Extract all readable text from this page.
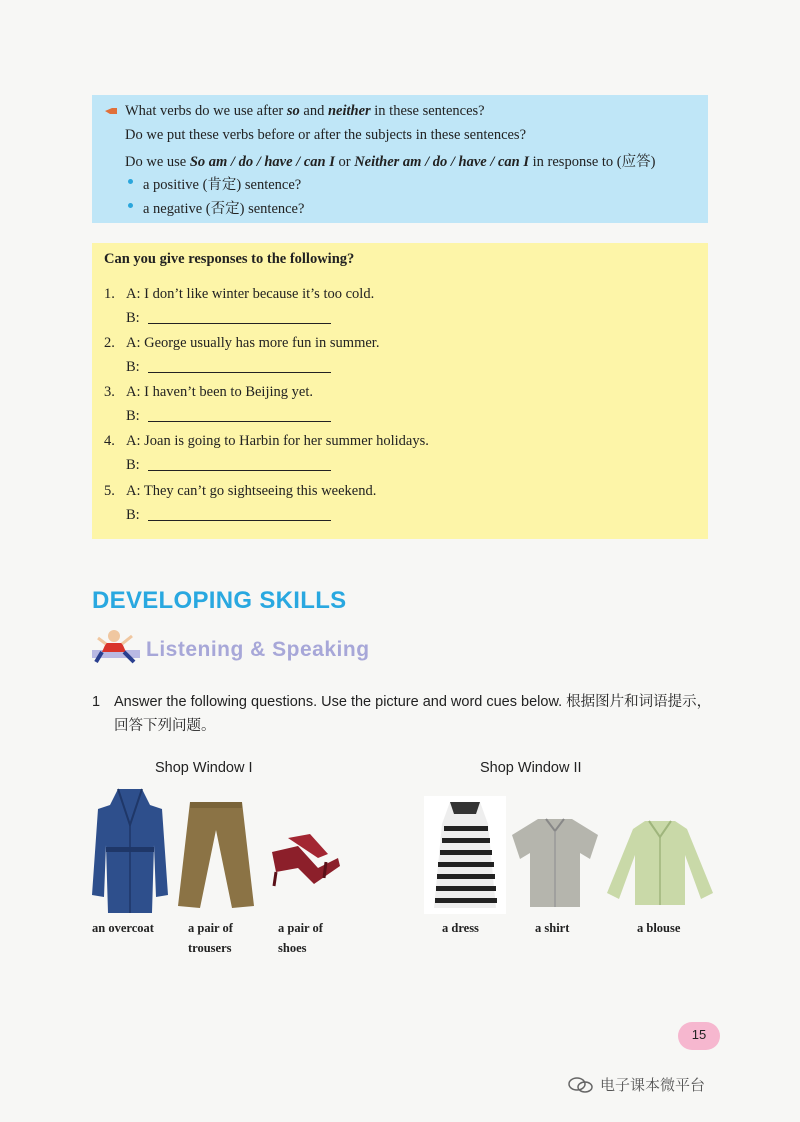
What verbs do we use after so and neither in these sentences?
Do we put these verbs before or after the subjects in these sentences?
Do we use So am / do / have / can I or Neither am / do / have / can I in response to (应答)
a positive (肯定) sentence?
a negative (否定) sentence?
Can you give responses to the following?
1. A: I don’t like winter because it’s too cold.
B:
2. A: George usually has more fun in summer.
B:
3. A: I haven’t been to Beijing yet.
B:
4. A: Joan is going to Harbin for her summer holidays.
B:
5. A: They can’t go sightseeing this weekend.
B:
DEVELOPING SKILLS
Listening & Speaking
1 Answer the following questions. Use the picture and word cues below. 根据图片和词语提示，回答下列问题。
Shop Window I	Shop Window II
an overcoat	a pair of trousers
a pair of shoes
a dress	a shirt	a blouse
15
电子课本微平台
